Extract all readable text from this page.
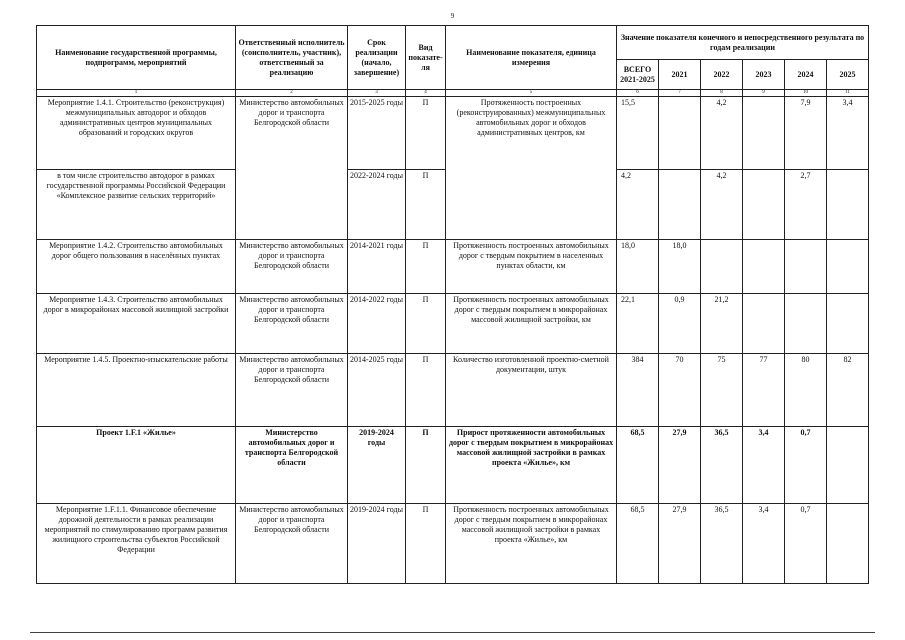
9
Наименование государственной программы, подпрограмм, мероприятий	Ответственный исполнитель (соисполнитель, участник), ответственный за реализацию	Срок реализации (начало, завершение)	Вид показате-ля	Наименование показателя, единица измерения	Значение показателя конечного и непосредственного результата по годам реализации					
					ВСЕГО 2021-2025	2021	2022	2023	2024	2025
1	2	3	4	5	6	7	8	9	10	11
Мероприятие 1.4.1. Строительство (реконструкция) межмуниципальных автодорог и обходов административных центров муниципальных образований и городских округов	Министерство автомобильных дорог и транспорта Белгородской области	2015-2025 годы	П	Протяженность построенных (реконструированных) межмуниципальных автомобильных дорог и обходов административных центров, км	15,5		4,2		7,9	3,4
в том числе строительство автодорог в рамках государственной программы Российской Федерации «Комплексное развитие сельских территорий»		2022-2024 годы	П		4,2		4,2		2,7	
Мероприятие 1.4.2. Строительство автомобильных дорог общего пользования в населённых пунктах	Министерство автомобильных дорог и транспорта Белгородской области	2014-2021 годы	П	Протяженность построенных автомобильных дорог с твердым покрытием в населенных пунктах области, км	18,0	18,0				
Мероприятие 1.4.3. Строительство автомобильных дорог в микрорайонах массовой жилищной застройки	Министерство автомобильных дорог и транспорта Белгородской области	2014-2022 годы	П	Протяженность построенных автомобильных дорог с твердым покрытием в микрорайонах массовой жилищной застройки, км	22,1	0,9	21,2			
Мероприятие 1.4.5. Проектно-изыскательские работы	Министерство автомобильных дорог и транспорта Белгородской области	2014-2025 годы	П	Количество изготовленной проектно-сметной документации, штук	384	70	75	77	80	82
Проект 1.F.1 «Жилье»	Министерство автомобильных дорог и транспорта Белгородской области	2019-2024 годы	П	Прирост протяженности автомобильных дорог с твердым покрытием в микрорайонах массовой жилищной застройки в рамках проекта «Жилье», км	68,5	27,9	36,5	3,4	0,7	
Мероприятие 1.F.1.1. Финансовое обеспечение дорожной деятельности в рамках реализации мероприятий по стимулированию программ развития жилищного строительства субъектов Российской Федерации	Министерство автомобильных дорог и транспорта Белгородской области	2019-2024 годы	П	Протяженность построенных автомобильных дорог с твердым покрытием в микрорайонах массовой жилищной застройки в рамках проекта «Жилье», км	68,5	27,9	36,5	3,4	0,7	
